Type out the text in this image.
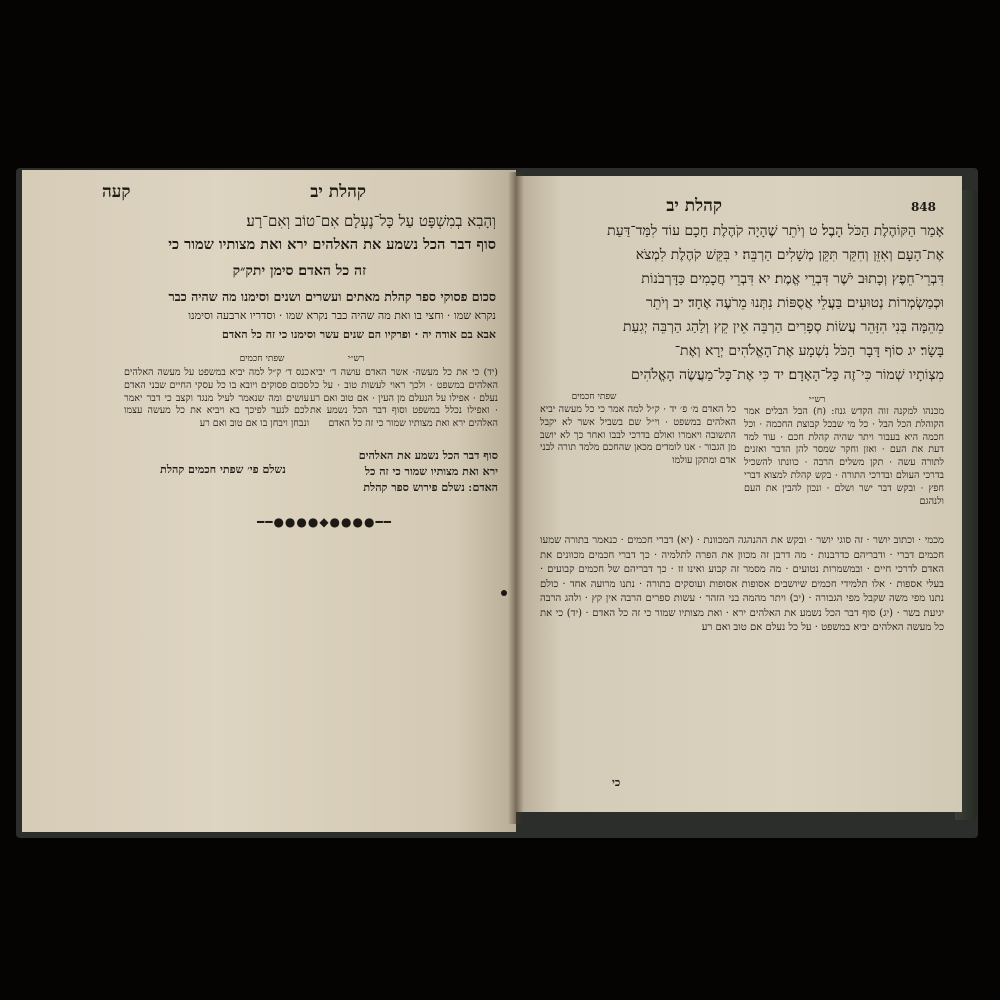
קהלת יב
קעה
וְהָבִא בְמִשְׁפָּט עַל כָּל־נֶעְלָם אִם־טוֹב וְאִם־רָע׃
סוף דבר הכל נשמע את האלהים ירא ואת מצותיו שמור כי
זה כל האדם׃ סימן יתק״ק
סכום פסוקי ספר קהלת מאתים ועשרים ושנים וסימנו מה שהיה כבר
נקרא שמו · וחצי בו ואת מה שהיה כבר נקרא שמו · וסדריו ארבעה וסימנו
אבא בם אודה יה · ופרקיו הם שנים עשר וסימנו כי זה כל האדם
רש״י
שפתי חכמים
(יד) כי את כל מעשה· אשר האדם עושה ד׳ יביא האלהים במשפט · ולכך ראוי לעשות טוב · על כל נעלם · אפילו על הנעלם מן העין · אם טוב ואם רע · ואפילו נכלל במשפט וסוף דבר הכל נשמע את האלהים ירא ואת מצותיו שמור כי זה כל האדם
כנס ד׳ ק״ל למה יביא במשפט על מעשה האלהים סכום פסוקים ויובא בו כל עסקי החיים שבני האדם עושים ומה שנאמר לעיל מנגד וקצב כי דבר יאמר לכם לנער לפיכך בא ויביא את כל מעשה עצמו ונבחן ויבחן בו אם טוב ואם רע
סוף דבר הכל נשמע את האלהים
ירא ואת מצותיו שמור כי זה כל
האדם ׃ נשלם פירוש ספר קהלת
נשלם פי׳ שפתי חכמים קהלת
━━●●●●◆●●●●━━
קהלת יב	848
אָמַר הַקּוֹהֶלֶת הַכֹּל הָבֶל׃ ט וְיֹתֵר שֶׁהָיָה קֹהֶלֶת חָכָם עוֹד לִמַּד־דַּעַת
אֶת־הָעָם וְאִזֵּן וְחִקֵּר תִּקֵּן מְשָׁלִים הַרְבֵּה׃ י בִּקֵּשׁ קֹהֶלֶת לִמְצֹא
דִּבְרֵי־חֵפֶץ וְכָתוּב יֹשֶׁר דִּבְרֵי אֱמֶת׃ יא דִּבְרֵי חֲכָמִים כַּדָּרְבֹנוֹת
וּכְמַשְׂמְרוֹת נְטוּעִים בַּעֲלֵי אֲסֻפּוֹת נִתְּנוּ מֵרֹעֶה אֶחָד׃ יב וְיֹתֵר
מֵהֵמָּה בְּנִי הִזָּהֵר עֲשׂוֹת סְפָרִים הַרְבֵּה אֵין קֵץ וְלַהַג הַרְבֵּה יְגִעַת
בָּשָׂר׃ יג סוֹף דָּבָר הַכֹּל נִשְׁמָע אֶת־הָאֱלֹהִים יְרָא וְאֶת־
מִצְוֹתָיו שְׁמוֹר כִּי־זֶה כָּל־הָאָדָם׃ יד כִּי אֶת־כָּל־מַעֲשֶׂה הָאֱלֹהִים
רש״י
שפתי חכמים
מכנהו למקנה זוה הקדש גנוז: (ח) הבל הבלים אמר הקוהלת הכל הבל · כל מי שבכל קבוצת החכמה · וכל חכמה היא בעבור ויתר שהיה קהלת חכם · עוד למד דעת את העם · ואזן וחקר שמסר להן הדבר ואזנים לתורה עשה · תקן משלים הרבה · כוונתו להשכיל בדרכי העולם ובדרכי התורה · בקש קהלת למצוא דברי חפץ · ובקש דבר ישר ושלם · ונכון להבין את העם ולנהגם
כל האדם מ׳ פ׳ יד · ק״ל למה אמר כי כל מעשה יביא האלהים במשפט · וי״ל שם בשביל אשר לא יקבל התשובה ויאמרו ואולם בדרכי לבבו ואחר כך לא יושב מן הגבור · אנו לומדים מכאן שהחכם מלמד תורה לבני אדם ומתקן עולמו
מכמי · וכתוב יושר · זה סוגי יושר · ובקש את ההנהגה המכוונת · (יא) דברי חכמים · כנאמר בתורה שמעו חכמים דברי · ודבריהם כדרבנות · מה דרבן זה מכוון את הפרה לתלמיה · כך דברי חכמים מכוונים את האדם לדרכי חיים · ובמשמרות נטועים · מה מסמר זה קבוע ואינו זז · כך דבריהם של חכמים קבועים · בעלי אספות · אלו תלמידי חכמים שיושבים אסופות אסופות ועוסקים בתורה · נתנו מרועה אחד · כולם נתנו מפי משה שקבל מפי הגבורה · (יב) ויתר מהמה בני הזהר · עשות ספרים הרבה אין קץ · ולהג הרבה יגיעת בשר · (יג) סוף דבר הכל נשמע את האלהים ירא · ואת מצותיו שמור כי זה כל האדם · (יד) כי את כל מעשה האלהים יביא במשפט · על כל נעלם אם טוב ואם רע
כי
